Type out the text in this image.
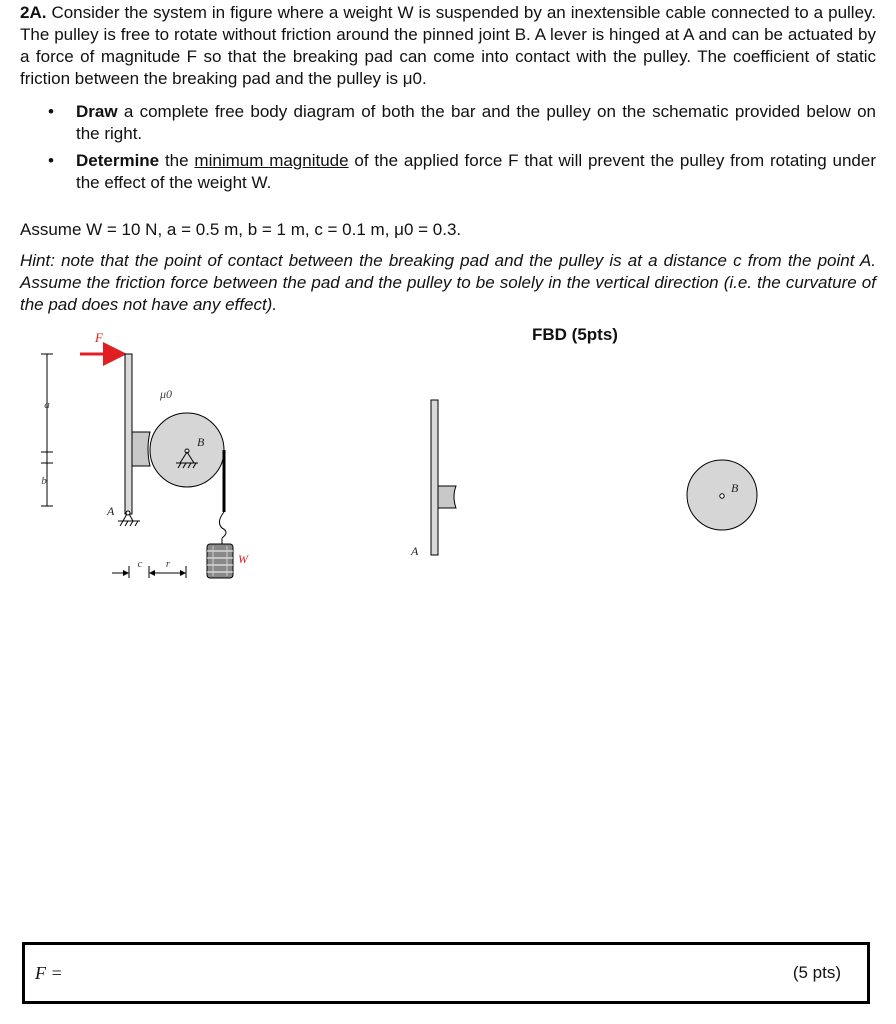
2A. Consider the system in figure where a weight W is suspended by an inextensible cable connected to a pulley. The pulley is free to rotate without friction around the pinned joint B. A lever is hinged at A and can be actuated by a force of magnitude F so that the breaking pad can come into contact with the pulley. The coefficient of static friction between the breaking pad and the pulley is μ0.
• Draw a complete free body diagram of both the bar and the pulley on the schematic provided below on the right.
• Determine the minimum magnitude of the applied force F that will prevent the pulley from rotating under the effect of the weight W.
Assume W = 10 N, a = 0.5 m, b = 1 m, c = 0.1 m, μ0 = 0.3.
Hint: note that the point of contact between the breaking pad and the pulley is at a distance c from the point A. Assume the friction force between the pad and the pulley to be solely in the vertical direction (i.e. the curvature of the pad does not have any effect).
FBD (5pts)
a
b
F
μ0
B
W
A
c r
A
B
F =	(5 pts)
